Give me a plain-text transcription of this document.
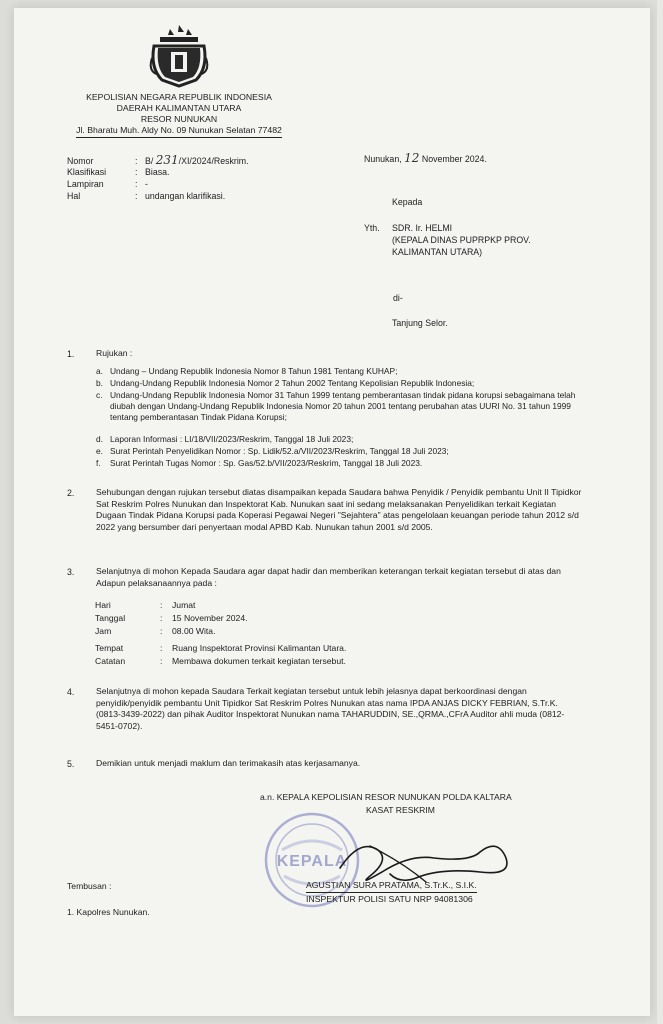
KEPOLISIAN NEGARA REPUBLIK INDONESIA
DAERAH KALIMANTAN UTARA
RESOR NUNUKAN
Jl. Bharatu Muh. Aldy No. 09 Nunukan Selatan 77482
Nomor	: B/ 231/XI/2024/Reskrim.
Klasifikasi	: Biasa.
Lampiran	: -
Hal	: undangan klarifikasi.
Nunukan, 12 November 2024.
Kepada
Yth. SDR. Ir. HELMI
(KEPALA DINAS PUPRPKP PROV.
KALIMANTAN UTARA)
di-
Tanjung Selor.
1.	Rujukan :
a. Undang – Undang Republik Indonesia Nomor 8 Tahun 1981 Tentang KUHAP;
b. Undang-Undang Republik Indonesia Nomor 2 Tahun 2002 Tentang Kepolisian Republik Indonesia;
c. Undang-Undang Republik Indonesia Nomor 31 Tahun 1999 tentang pemberantasan tindak pidana korupsi sebagaimana telah diubah dengan Undang-Undang Republik Indonesia Nomor 20 tahun 2001 tentang perubahan atas UURI No. 31 tahun 1999 tentang pemberantasan Tindak Pidana Korupsi;
d. Laporan Informasi : LI/18/VII/2023/Reskrim, Tanggal 18 Juli 2023;
e. Surat Perintah Penyelidikan Nomor : Sp. Lidik/52.a/VII/2023/Reskrim, Tanggal 18 Juli 2023;
f. Surat Perintah Tugas Nomor : Sp. Gas/52.b/VII/2023/Reskrim, Tanggal 18 Juli 2023.
2.	Sehubungan dengan rujukan tersebut diatas disampaikan kepada Saudara bahwa Penyidik / Penyidik pembantu Unit II Tipidkor Sat Reskrim Polres Nunukan dan Inspektorat Kab. Nunukan saat ini sedang melaksanakan Penyelidikan terkait Kegiatan Dugaan Tindak Pidana Korupsi pada Koperasi Pegawai Negeri "Sejahtera" atas pengelolaan keuangan periode tahun 2012 s/d 2022 yang bersumber dari penyertaan modal APBD Kab. Nunukan tahun 2001 s/d 2005.
3.	Selanjutnya di mohon Kepada Saudara agar dapat hadir dan memberikan keterangan terkait kegiatan tersebut di atas dan Adapun pelaksanaannya pada :
Hari	: Jumat
Tanggal	: 15 November 2024.
Jam	: 08.00 Wita.
Tempat	: Ruang Inspektorat Provinsi Kalimantan Utara.
Catatan	: Membawa dokumen terkait kegiatan tersebut.
4.	Selanjutnya di mohon kepada Saudara Terkait kegiatan tersebut untuk lebih jelasnya dapat berkoordinasi dengan penyidik/penyidik pembantu Unit Tipidkor Sat Reskrim Polres Nunukan atas nama IPDA ANJAS DICKY FEBRIAN, S.Tr.K. (0813-3439-2022) dan pihak Auditor Inspektorat Nunukan nama TAHARUDDIN, SE.,QRMA.,CFrA Auditor ahli muda (0812-5451-0702).
5.	Demikian untuk menjadi maklum dan terimakasih atas kerjasamanya.
a.n. KEPALA KEPOLISIAN RESOR NUNUKAN POLDA KALTARA
KASAT RESKRIM
KEPALA
AGUSTIAN SURA PRATAMA, S.Tr.K., S.I.K.
INSPEKTUR POLISI SATU NRP 94081306
Tembusan :
1. Kapolres Nunukan.
